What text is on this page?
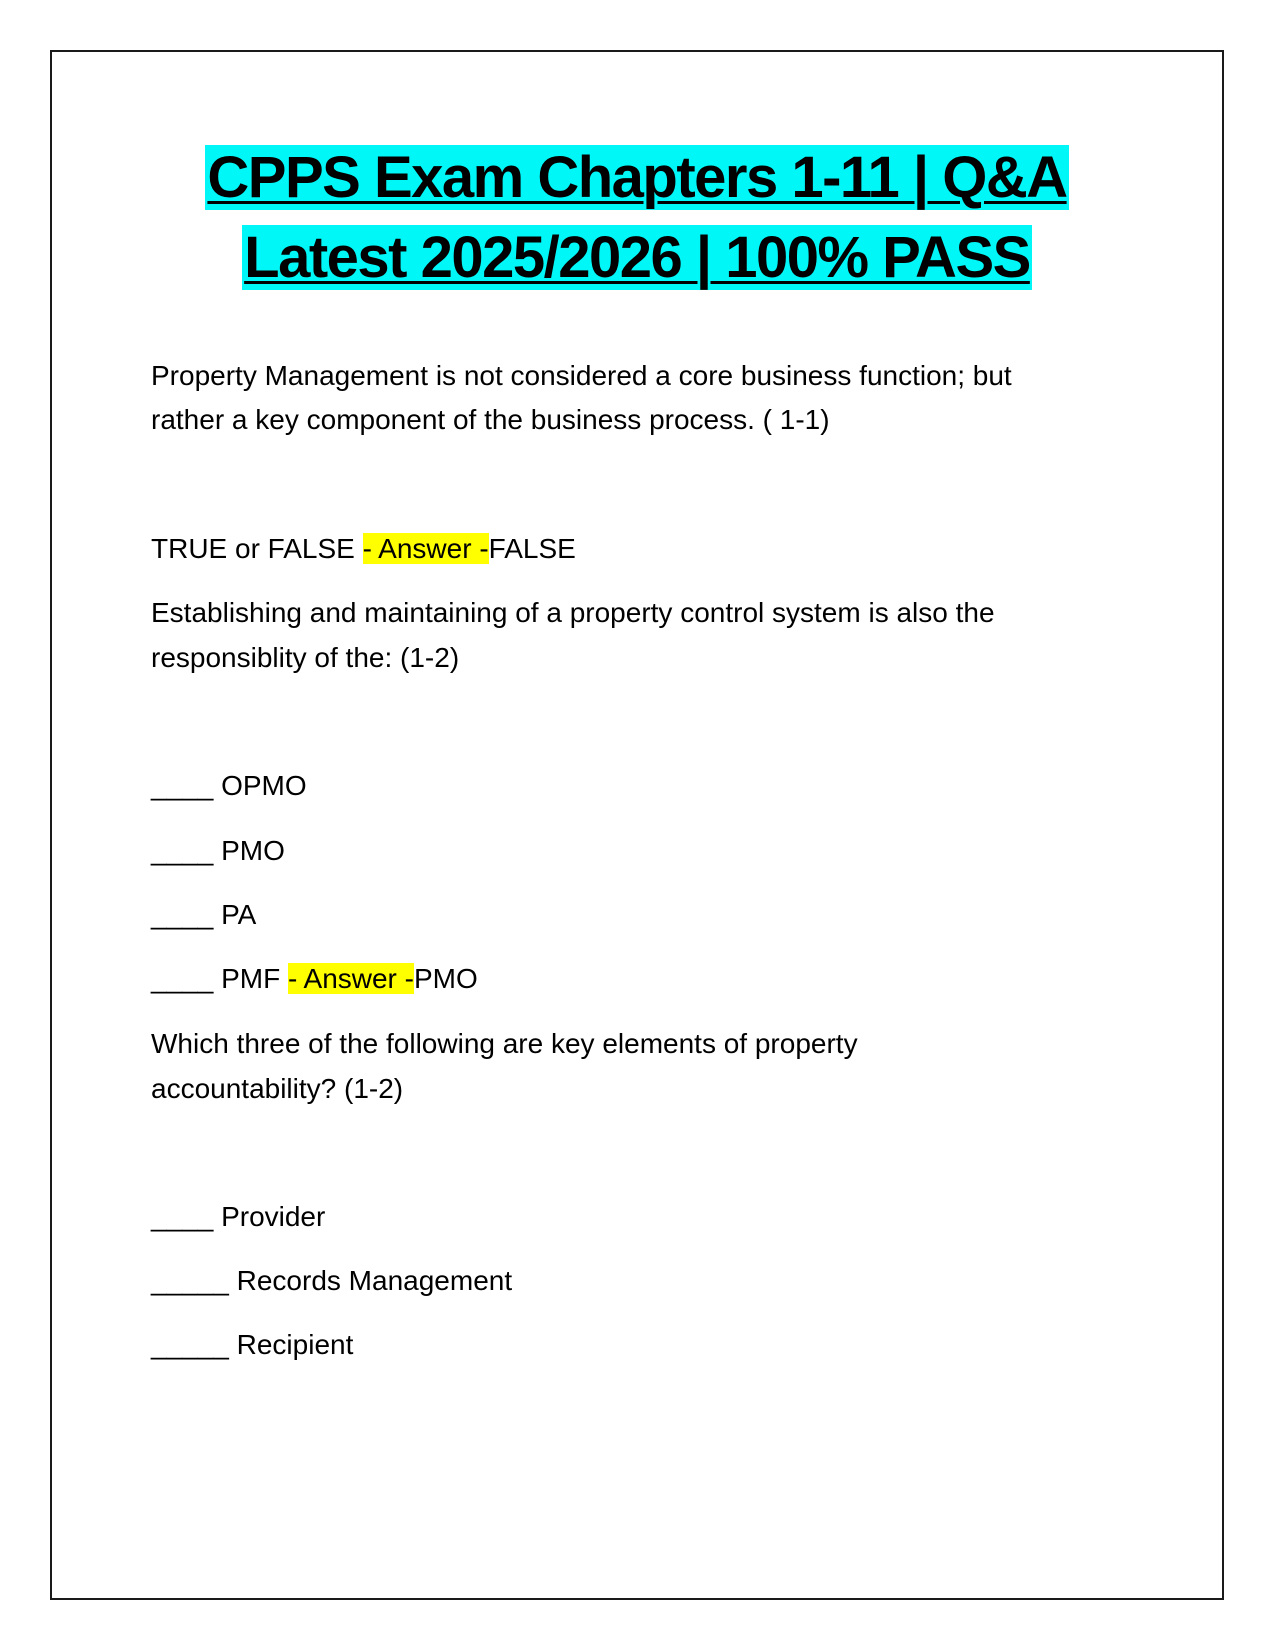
CPPS Exam Chapters 1-11 | Q&A
Latest 2025/2026 | 100% PASS
Property Management is not considered a core business function; but
rather a key component of the business process. ( 1-1)
TRUE or FALSE - Answer -FALSE
Establishing and maintaining of a property control system is also the
responsiblity of the: (1-2)
____ OPMO
____ PMO
____ PA
____ PMF - Answer -PMO
Which three of the following are key elements of property
accountability? (1-2)
____ Provider
_____ Records Management
_____ Recipient
